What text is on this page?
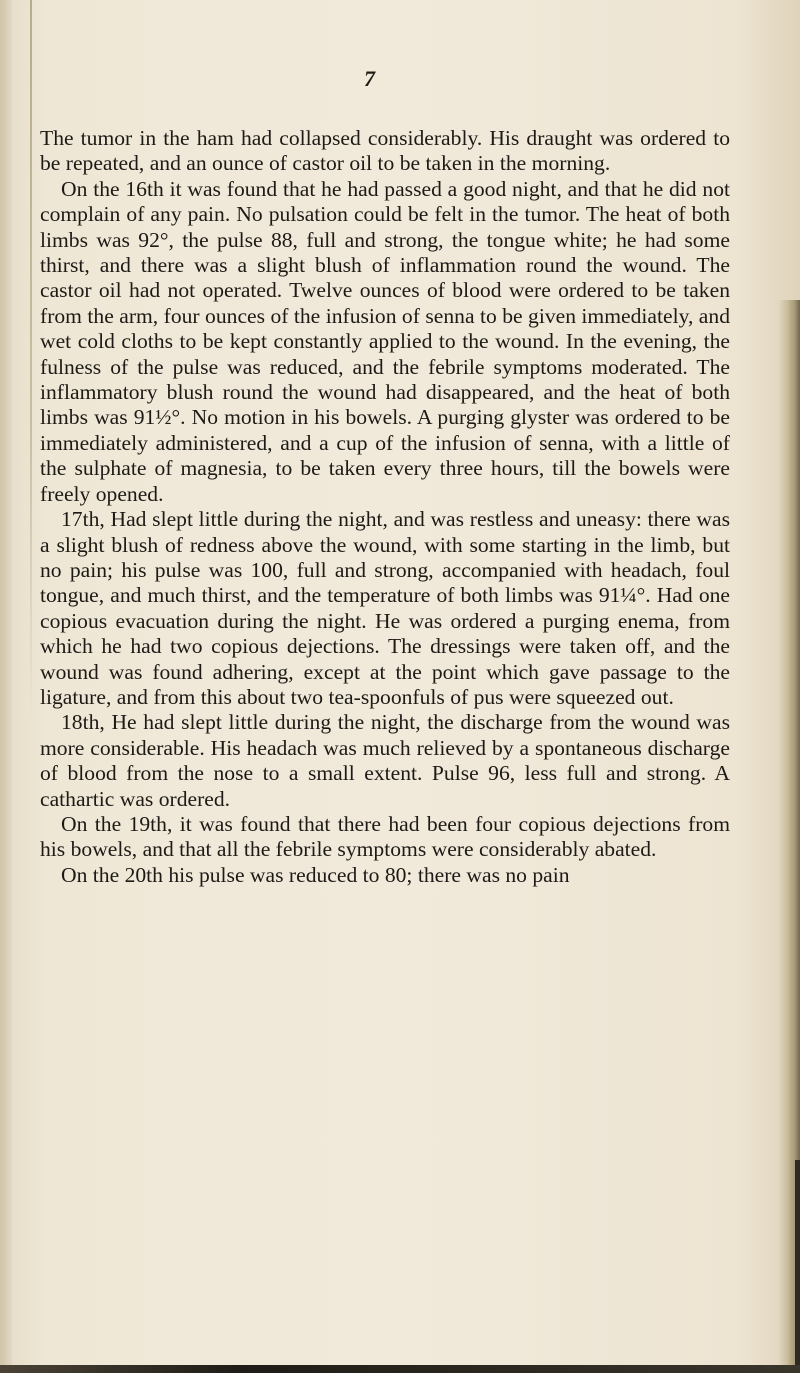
7

The tumor in the ham had collapsed considerably. His draught was ordered to be repeated, and an ounce of castor oil to be taken in the morning.

On the 16th it was found that he had passed a good night, and that he did not complain of any pain. No pulsation could be felt in the tumor. The heat of both limbs was 92°, the pulse 88, full and strong, the tongue white; he had some thirst, and there was a slight blush of inflammation round the wound. The castor oil had not operated. Twelve ounces of blood were ordered to be taken from the arm, four ounces of the infusion of senna to be given immediately, and wet cold cloths to be kept constantly applied to the wound. In the evening, the fulness of the pulse was reduced, and the febrile symptoms moderated. The inflammatory blush round the wound had disappeared, and the heat of both limbs was 91½°. No motion in his bowels. A purging glyster was ordered to be immediately administered, and a cup of the infusion of senna, with a little of the sulphate of magnesia, to be taken every three hours, till the bowels were freely opened.

17th, Had slept little during the night, and was restless and uneasy: there was a slight blush of redness above the wound, with some starting in the limb, but no pain; his pulse was 100, full and strong, accompanied with headach, foul tongue, and much thirst, and the temperature of both limbs was 91¼°. Had one copious evacuation during the night. He was ordered a purging enema, from which he had two copious dejections. The dressings were taken off, and the wound was found adhering, except at the point which gave passage to the ligature, and from this about two tea-spoonfuls of pus were squeezed out.

18th, He had slept little during the night, the discharge from the wound was more considerable. His headach was much relieved by a spontaneous discharge of blood from the nose to a small extent. Pulse 96, less full and strong. A cathartic was ordered.

On the 19th, it was found that there had been four copious dejections from his bowels, and that all the febrile symptoms were considerably abated.

On the 20th his pulse was reduced to 80; there was no pain
